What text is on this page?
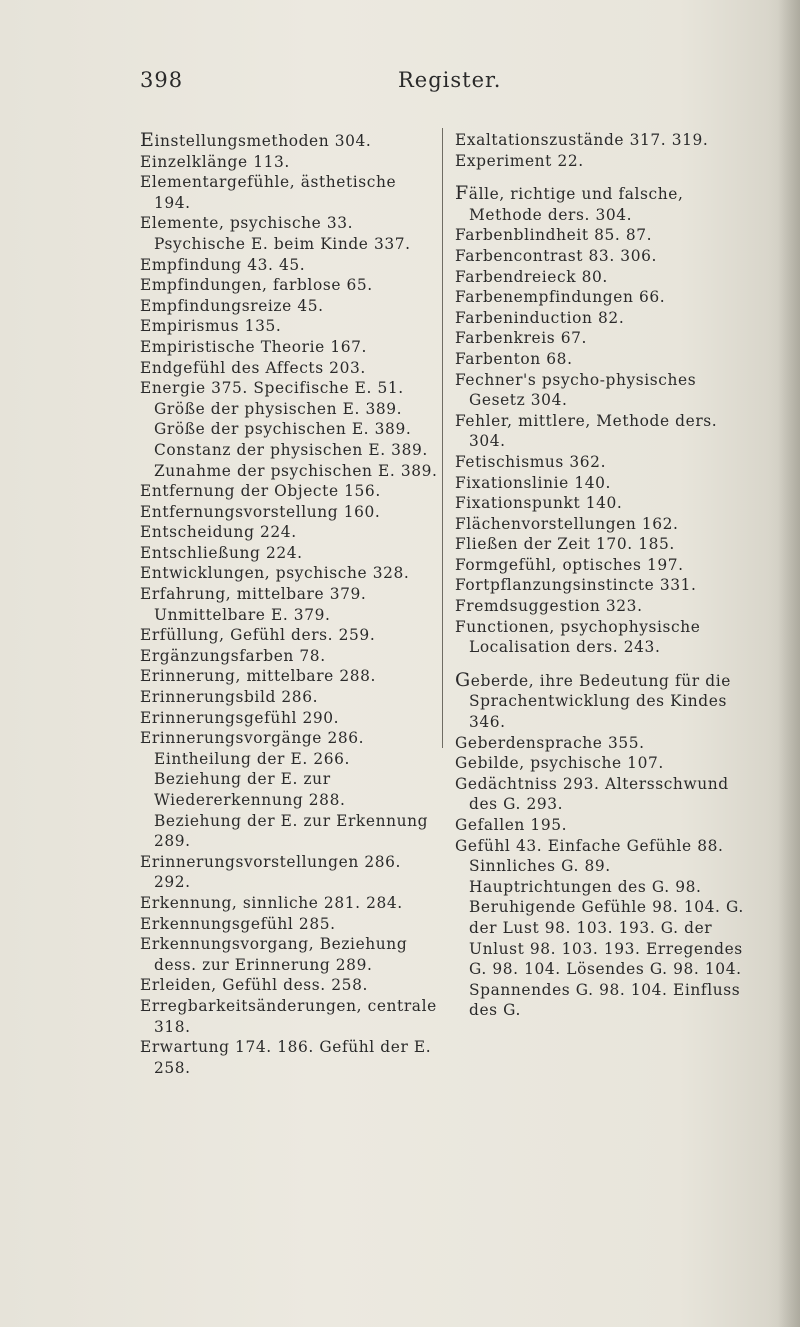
398	Register.

Einstellungsmethoden 304.

Einzelklänge 113.

Elementargefühle, ästhetische 194.

Elemente, psychische 33. Psychische E. beim Kinde 337.

Empfindung 43. 45.

Empfindungen, farblose 65.

Empfindungsreize 45.

Empirismus 135.

Empiristische Theorie 167.

Endgefühl des Affects 203.

Energie 375. Specifische E. 51. Größe der physischen E. 389. Größe der psychischen E. 389. Constanz der physischen E. 389. Zunahme der psychischen E. 389.

Entfernung der Objecte 156.

Entfernungsvorstellung 160.

Entscheidung 224.

Entschließung 224.

Entwicklungen, psychische 328.

Erfahrung, mittelbare 379. Unmittelbare E. 379.

Erfüllung, Gefühl ders. 259.

Ergänzungsfarben 78.

Erinnerung, mittelbare 288.

Erinnerungsbild 286.

Erinnerungsgefühl 290.

Erinnerungsvorgänge 286. Eintheilung der E. 266. Beziehung der E. zur Wiedererkennung 288. Beziehung der E. zur Erkennung 289.

Erinnerungsvorstellungen 286. 292.

Erkennung, sinnliche 281. 284.

Erkennungsgefühl 285.

Erkennungsvorgang, Beziehung dess. zur Erinnerung 289.

Erleiden, Gefühl dess. 258.

Erregbarkeitsänderungen, centrale 318.

Erwartung 174. 186. Gefühl der E. 258.

Exaltationszustände 317. 319.

Experiment 22.

Fälle, richtige und falsche, Methode ders. 304.

Farbenblindheit 85. 87.

Farbencontrast 83. 306.

Farbendreieck 80.

Farbenempfindungen 66.

Farbeninduction 82.

Farbenkreis 67.

Farbenton 68.

Fechner's psycho-physisches Gesetz 304.

Fehler, mittlere, Methode ders. 304.

Fetischismus 362.

Fixationslinie 140.

Fixationspunkt 140.

Flächenvorstellungen 162.

Fließen der Zeit 170. 185.

Formgefühl, optisches 197.

Fortpflanzungsinstincte 331.

Fremdsuggestion 323.

Functionen, psychophysische Localisation ders. 243.

Geberde, ihre Bedeutung für die Sprachentwicklung des Kindes 346.

Geberdensprache 355.

Gebilde, psychische 107.

Gedächtniss 293. Altersschwund des G. 293.

Gefallen 195.

Gefühl 43. Einfache Gefühle 88. Sinnliches G. 89. Hauptrichtungen des G. 98. Beruhigende Gefühle 98. 104. G. der Lust 98. 103. 193. G. der Unlust 98. 103. 193. Erregendes G. 98. 104. Lösendes G. 98. 104. Spannendes G. 98. 104. Einfluss des G.
